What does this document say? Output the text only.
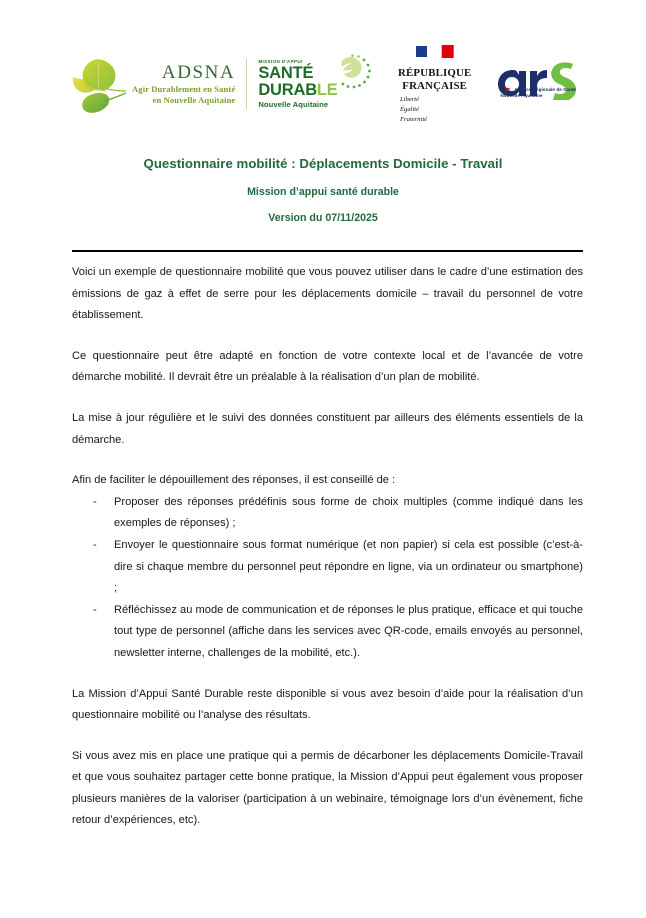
ADSNA
Agir Durablement en Santé
en Nouvelle Aquitaine
MISSION D'APPUI
SANTÉ
DURABLE
Nouvelle Aquitaine
RÉPUBLIQUE
FRANÇAISE
Liberté
Égalité
Fraternité
Agence Régionale de Santé
Nouvelle Aquitaine
Questionnaire mobilité : Déplacements Domicile - Travail
Mission d’appui santé durable
Version du 07/11/2025

Voici un exemple de questionnaire mobilité que vous pouvez utiliser dans le cadre d’une estimation des émissions de gaz à effet de serre pour les déplacements domicile – travail du personnel de votre établissement.

Ce questionnaire peut être adapté en fonction de votre contexte local et de l’avancée de votre démarche mobilité. Il devrait être un préalable à la réalisation d’un plan de mobilité.

La mise à jour régulière et le suivi des données constituent par ailleurs des éléments essentiels de la démarche.

Afin de faciliter le dépouillement des réponses, il est conseillé de :

- Proposer des réponses prédéfinis sous forme de choix multiples (comme indiqué dans les exemples de réponses) ;
- Envoyer le questionnaire sous format numérique (et non papier) si cela est possible (c’est-à-dire si chaque membre du personnel peut répondre en ligne, via un ordinateur ou smartphone) ;
- Réfléchissez au mode de communication et de réponses le plus pratique, efficace et qui touche tout type de personnel (affiche dans les services avec QR-code, emails envoyés au personnel, newsletter interne, challenges de la mobilité, etc.).

La Mission d’Appui Santé Durable reste disponible si vous avez besoin d’aide pour la réalisation d’un questionnaire mobilité ou l’analyse des résultats.

Si vous avez mis en place une pratique qui a permis de décarboner les déplacements Domicile-Travail et que vous souhaitez partager cette bonne pratique, la Mission d’Appui peut également vous proposer plusieurs manières de la valoriser (participation à un webinaire, témoignage lors d’un évènement, fiche retour d’expériences, etc).
